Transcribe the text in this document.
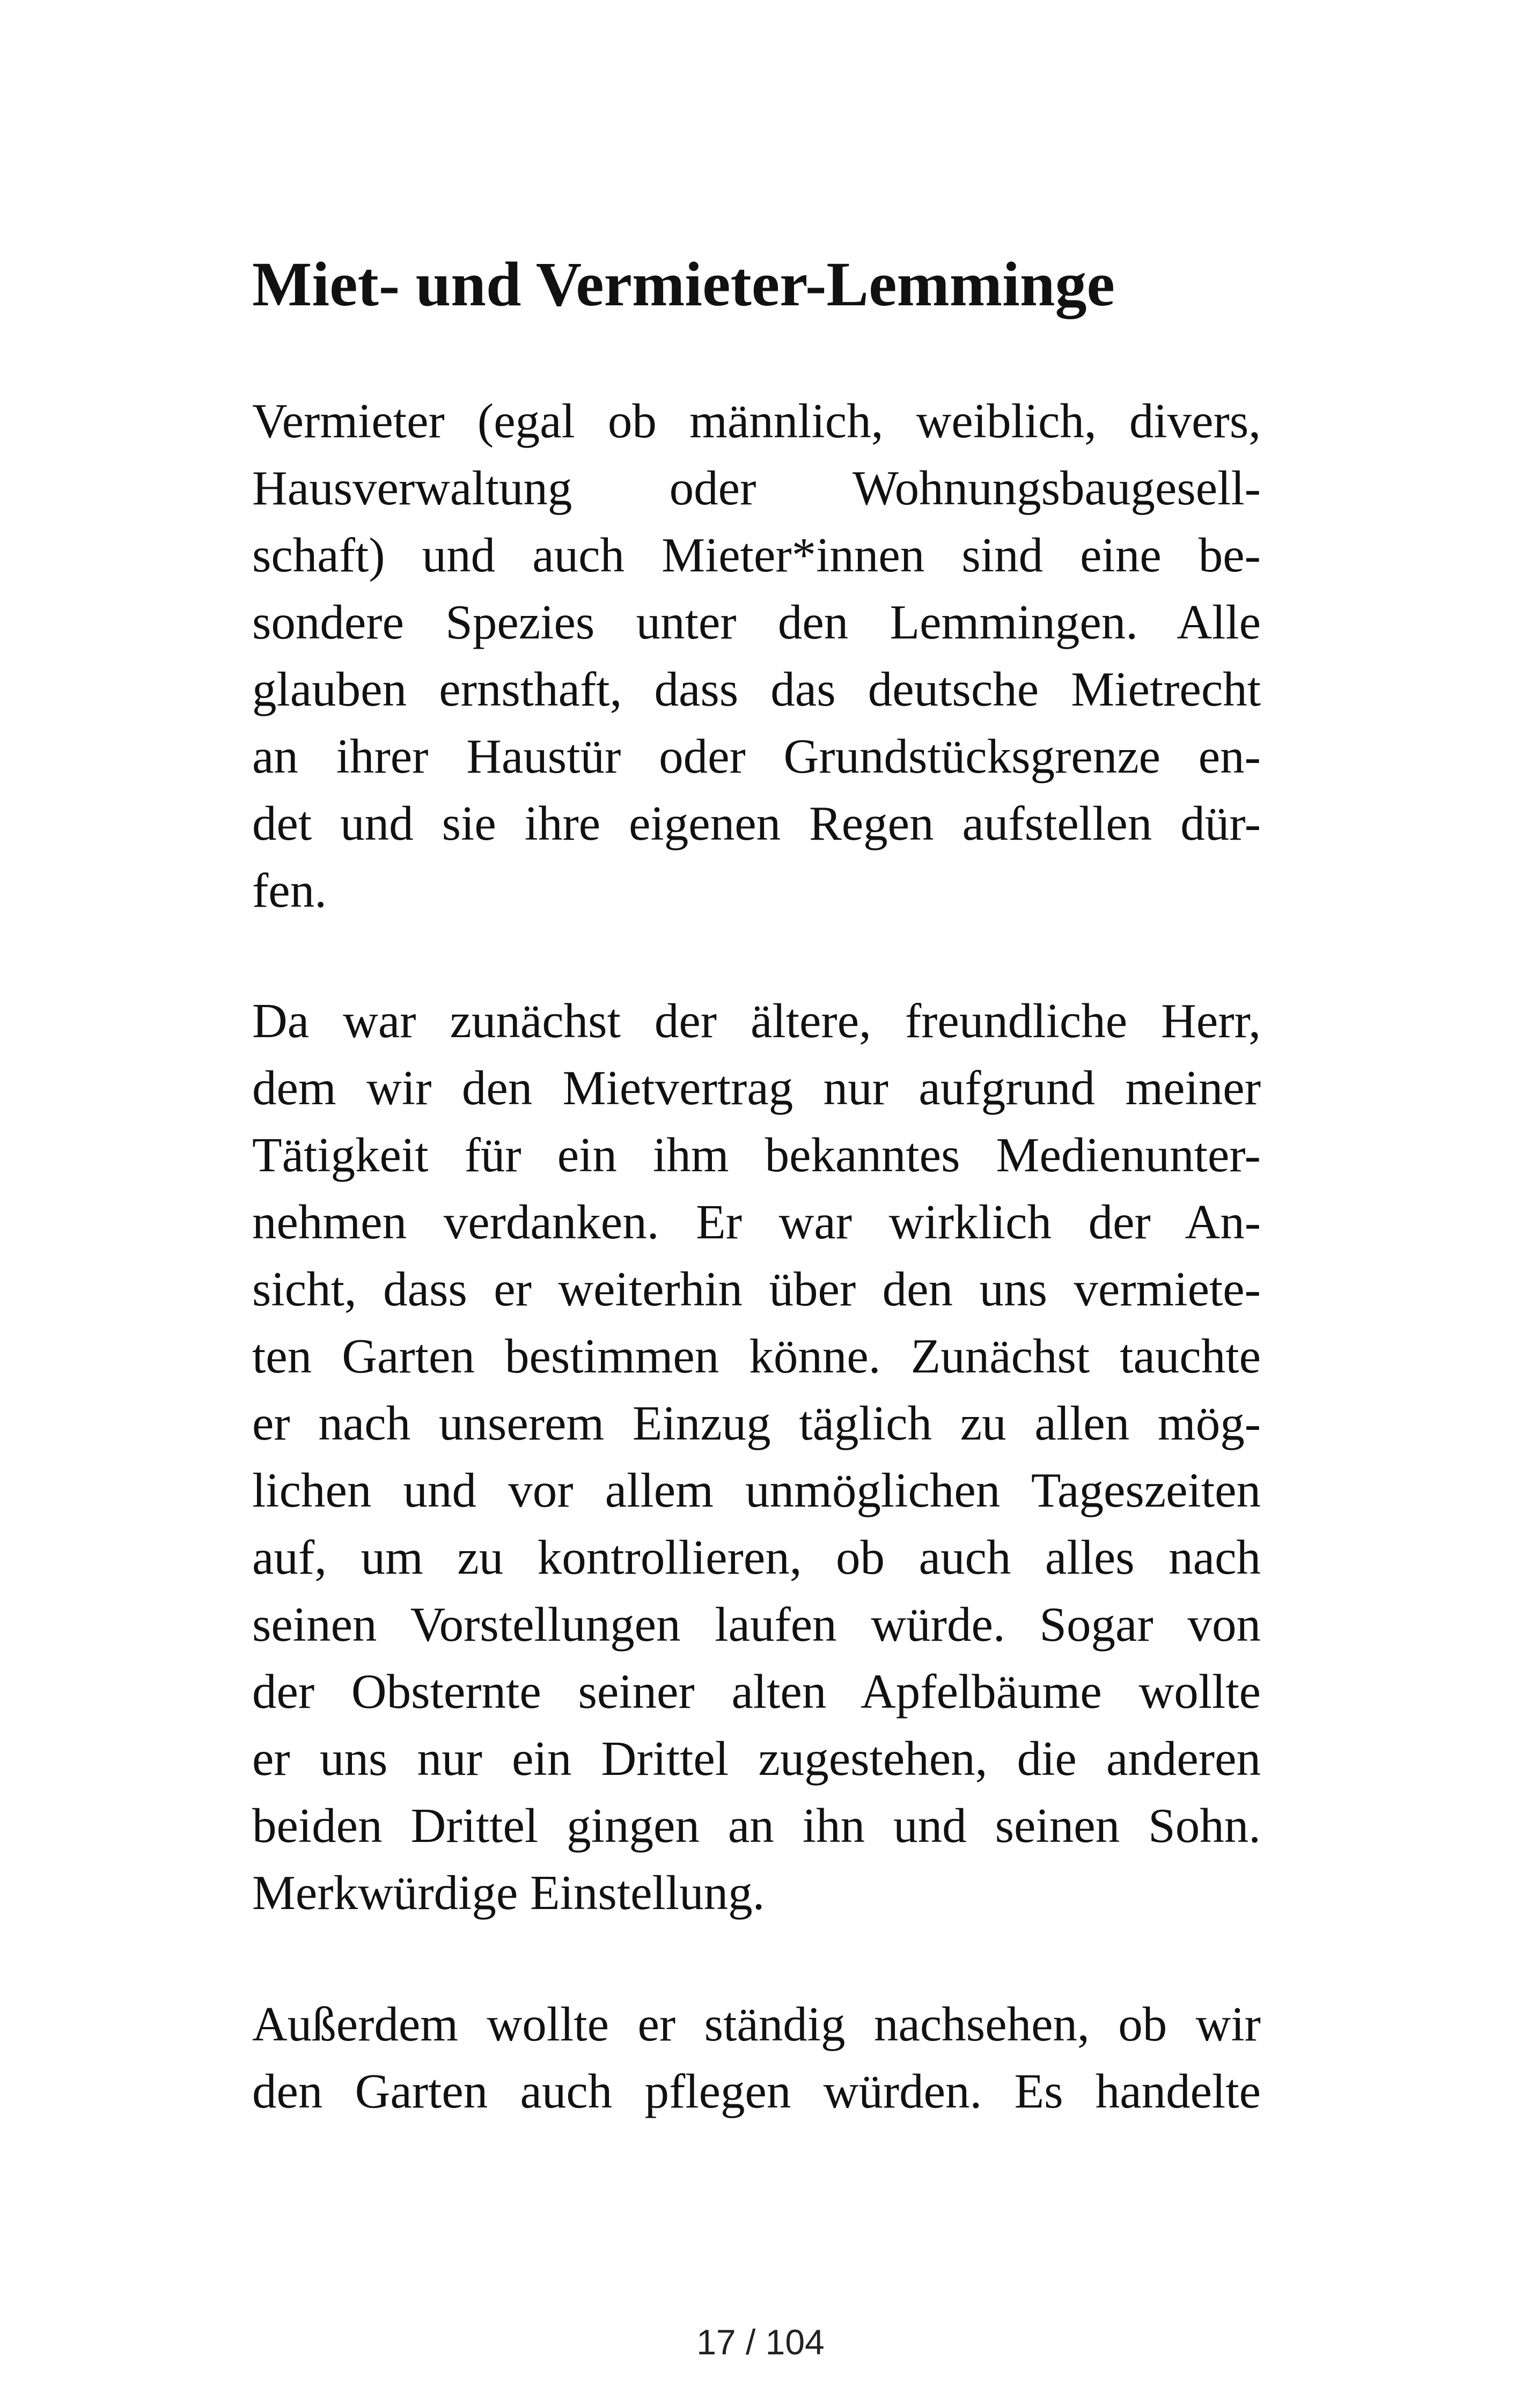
Miet- und Vermieter-Lemminge
Vermieter (egal ob männlich, weiblich, divers,
Hausverwaltung oder Wohnungsbaugesell-
schaft) und auch Mieter*innen sind eine be-
sondere Spezies unter den Lemmingen. Alle
glauben ernsthaft, dass das deutsche Mietrecht
an ihrer Haustür oder Grundstücksgrenze en-
det und sie ihre eigenen Regen aufstellen dür-
fen.
Da war zunächst der ältere, freundliche Herr,
dem wir den Mietvertrag nur aufgrund meiner
Tätigkeit für ein ihm bekanntes Medienunter-
nehmen verdanken. Er war wirklich der An-
sicht, dass er weiterhin über den uns vermiete-
ten Garten bestimmen könne. Zunächst tauchte
er nach unserem Einzug täglich zu allen mög-
lichen und vor allem unmöglichen Tageszeiten
auf, um zu kontrollieren, ob auch alles nach
seinen Vorstellungen laufen würde. Sogar von
der Obsternte seiner alten Apfelbäume wollte
er uns nur ein Drittel zugestehen, die anderen
beiden Drittel gingen an ihn und seinen Sohn.
Merkwürdige Einstellung.
Außerdem wollte er ständig nachsehen, ob wir
den Garten auch pflegen würden. Es handelte
17 / 104
